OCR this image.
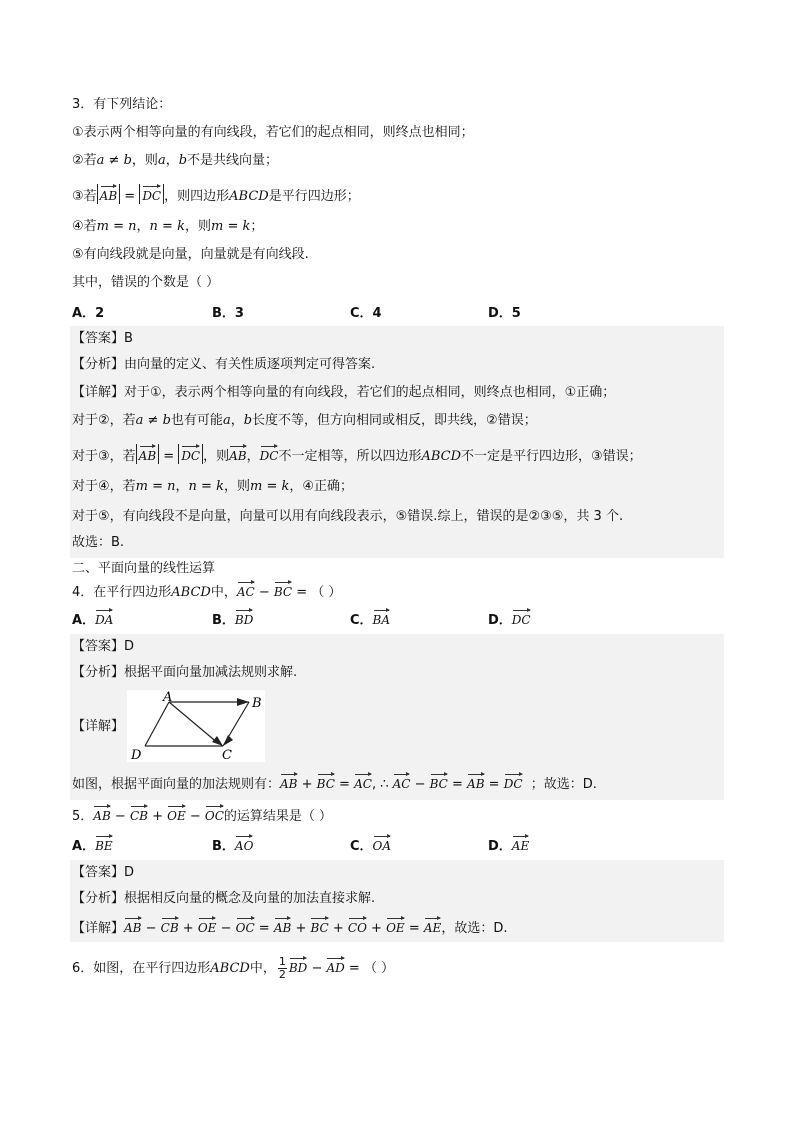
3．有下列结论：
①表示两个相等向量的有向线段，若它们的起点相同，则终点也相同；
②若a ≠ b，则a，b不是共线向量；
③若 AB = DC ，则四边形ABCD是平行四边形；
④若m = n，n = k，则m = k；
⑤有向线段就是向量，向量就是有向线段.
其中，错误的个数是（ ）
A．2	B．3	C．4	D．5
【答案】B
【分析】由向量的定义、有关性质逐项判定可得答案.
【详解】对于①，表示两个相等向量的有向线段，若它们的起点相同，则终点也相同，①正确；
对于②，若a ≠ b也有可能a，b长度不等，但方向相同或相反，即共线，②错误；
对于③，若 AB = DC ，则AB，DC不一定相等，所以四边形ABCD不一定是平行四边形，③错误；
对于④，若m = n，n = k，则m = k，④正确；
对于⑤，有向线段不是向量，向量可以用有向线段表示，⑤错误.综上，错误的是②③⑤，共 3 个.
故选：B.
二、平面向量的线性运算
4．在平行四边形ABCD中，AC − BC = （ ）
A．DA	B．BD	C．BA	D．DC
【答案】D
【分析】根据平面向量加减法规则求解.
【详解】
A	B
C
D
如图，根据平面向量的加法规则有：AB + BC = AC, ∴ AC − BC = AB = DC ；故选：D.
5．AB − CB + OE − OC的运算结果是（ ）
A．BE	B．AO	C．OA	D．AE
【答案】D
【分析】根据相反向量的概念及向量的加法直接求解.
【详解】AB − CB + OE − OC = AB + BC + CO + OE = AE，故选：D.
6．如图，在平行四边形ABCD中， $\frac{1}{2}$ BD − AD = （ ）
